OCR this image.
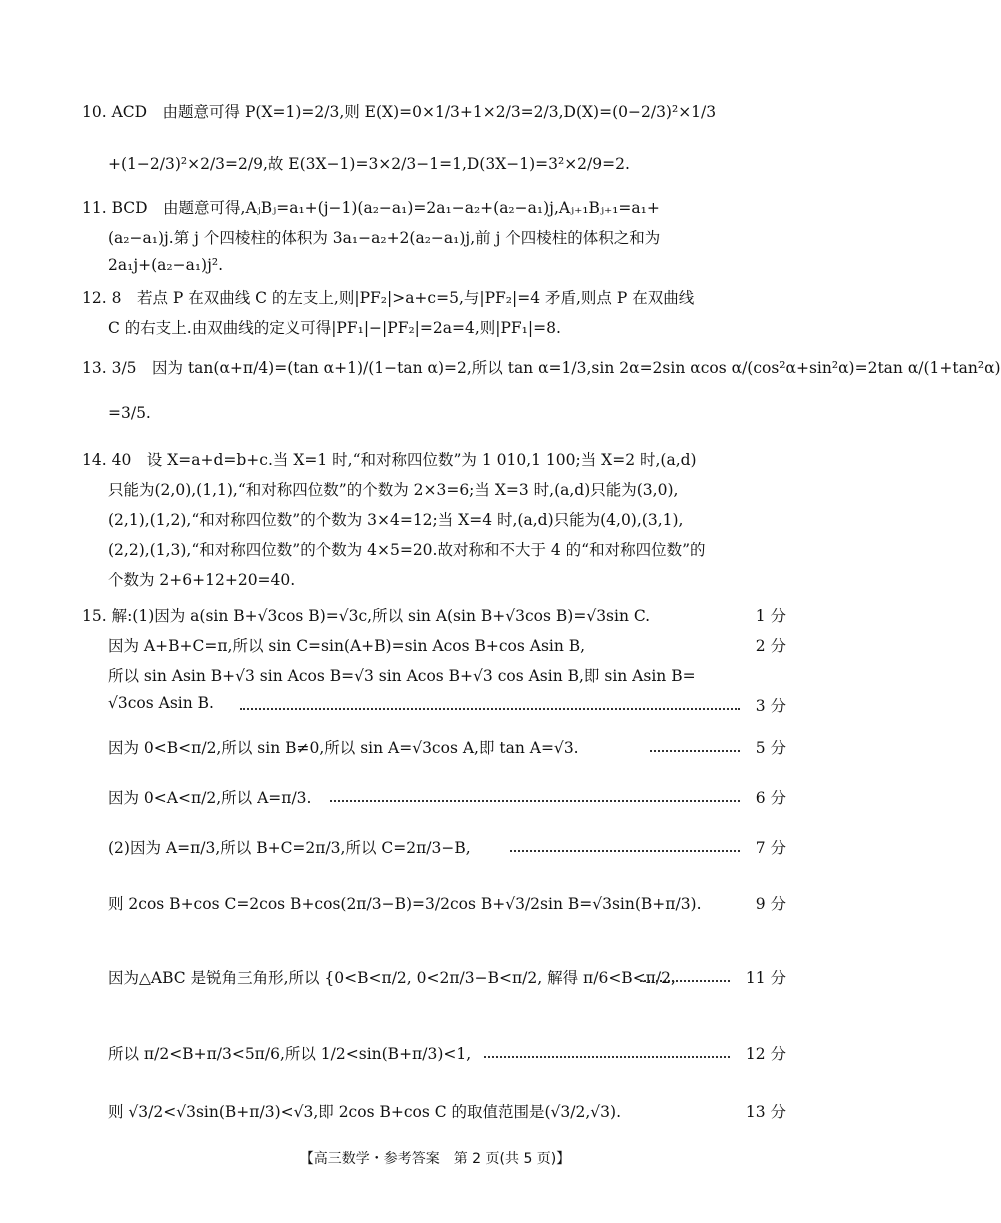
10. ACD　由题意可得 P(X=1)=2/3,则 E(X)=0×1/3+1×2/3=2/3,D(X)=(0−2/3)²×1/3
+(1−2/3)²×2/3=2/9,故 E(3X−1)=3×2/3−1=1,D(3X−1)=3²×2/9=2.
11. BCD　由题意可得,AⱼBⱼ=a₁+(j−1)(a₂−a₁)=2a₁−a₂+(a₂−a₁)j,Aⱼ₊₁Bⱼ₊₁=a₁+
(a₂−a₁)j.第 j 个四棱柱的体积为 3a₁−a₂+2(a₂−a₁)j,前 j 个四棱柱的体积之和为
2a₁j+(a₂−a₁)j².
12. 8　若点 P 在双曲线 C 的左支上,则|PF₂|>a+c=5,与|PF₂|=4 矛盾,则点 P 在双曲线
C 的右支上.由双曲线的定义可得|PF₁|−|PF₂|=2a=4,则|PF₁|=8.
13. 3/5　因为 tan(α+π/4)=(tan α+1)/(1−tan α)=2,所以 tan α=1/3,sin 2α=2sin αcos α/(cos²α+sin²α)=2tan α/(1+tan²α)
=3/5.
14. 40　设 X=a+d=b+c.当 X=1 时,“和对称四位数”为 1 010,1 100;当 X=2 时,(a,d)
只能为(2,0),(1,1),“和对称四位数”的个数为 2×3=6;当 X=3 时,(a,d)只能为(3,0),
(2,1),(1,2),“和对称四位数”的个数为 3×4=12;当 X=4 时,(a,d)只能为(4,0),(3,1),
(2,2),(1,3),“和对称四位数”的个数为 4×5=20.故对称和不大于 4 的“和对称四位数”的
个数为 2+6+12+20=40.
15. 解:(1)因为 a(sin B+√3cos B)=√3c,所以 sin A(sin B+√3cos B)=√3sin C.	1 分
因为 A+B+C=π,所以 sin C=sin(A+B)=sin Acos B+cos Asin B,	2 分
所以 sin Asin B+√3 sin Acos B=√3 sin Acos B+√3 cos Asin B,即 sin Asin B=
√3cos Asin B.	3 分
因为 0<B<π/2,所以 sin B≠0,所以 sin A=√3cos A,即 tan A=√3.	5 分
因为 0<A<π/2,所以 A=π/3.	6 分
(2)因为 A=π/3,所以 B+C=2π/3,所以 C=2π/3−B,	7 分
则 2cos B+cos C=2cos B+cos(2π/3−B)=3/2cos B+√3/2sin B=√3sin(B+π/3).	9 分
因为△ABC 是锐角三角形,所以 {0<B<π/2, 0<2π/3−B<π/2, 解得 π/6<B<π/2,	11 分
所以 π/2<B+π/3<5π/6,所以 1/2<sin(B+π/3)<1,	12 分
则 √3/2<√3sin(B+π/3)<√3,即 2cos B+cos C 的取值范围是(√3/2,√3).	13 分
【高三数学・参考答案　第 2 页(共 5 页)】
